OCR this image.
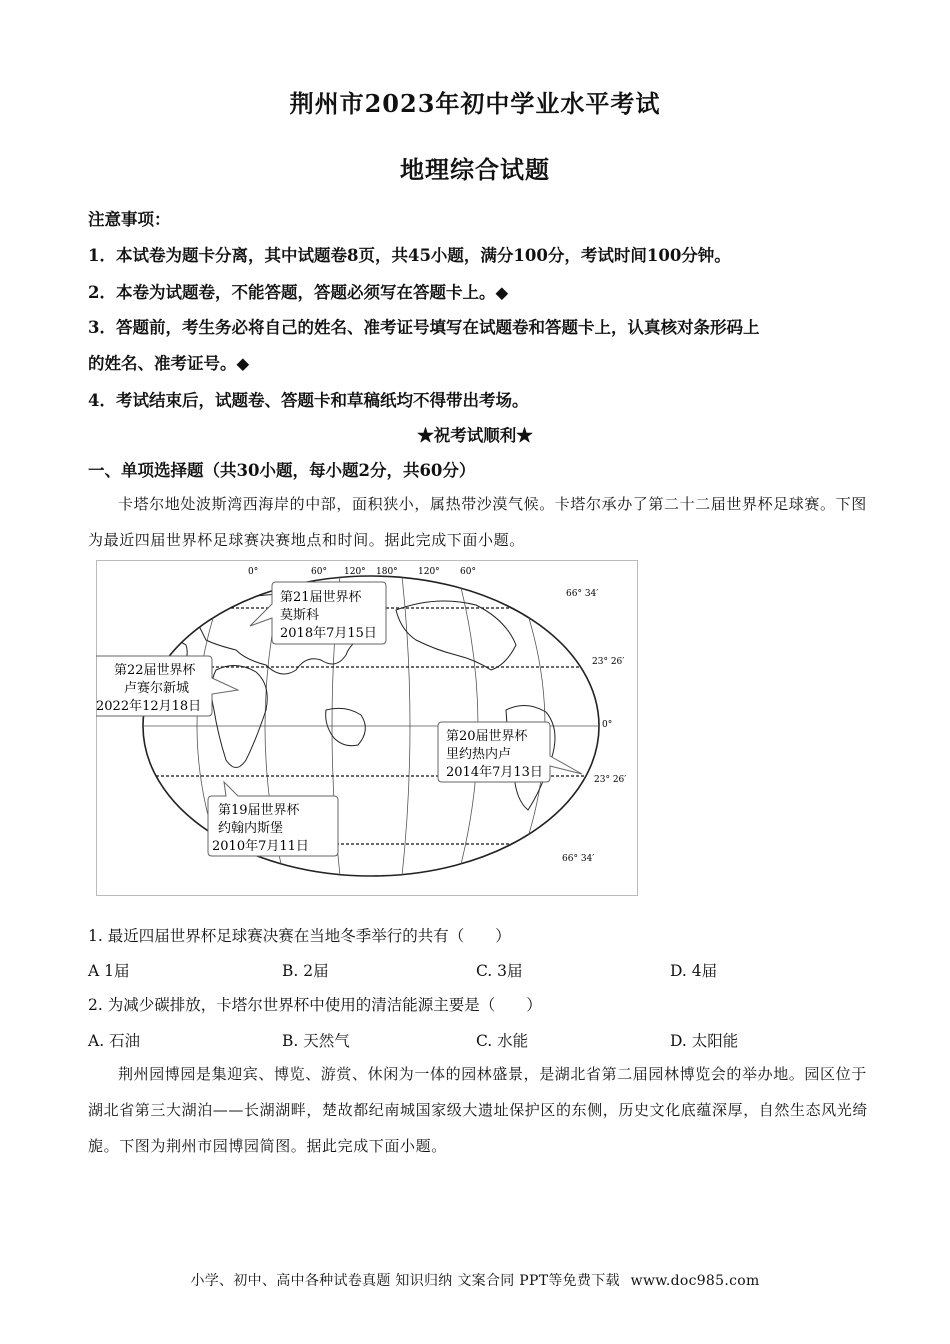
荆州市2023年初中学业水平考试
地理综合试题
注意事项：
1．本试卷为题卡分离，其中试题卷8页，共45小题，满分100分，考试时间100分钟。
2．本卷为试题卷，不能答题，答题必须写在答题卡上。◆
3．答题前，考生务必将自己的姓名、准考证号填写在试题卷和答题卡上，认真核对条形码上
的姓名、准考证号。◆
4．考试结束后，试题卷、答题卡和草稿纸均不得带出考场。
★祝考试顺利★
一、单项选择题（共30小题，每小题2分，共60分）
卡塔尔地处波斯湾西海岸的中部，面积狭小，属热带沙漠气候。卡塔尔承办了第二十二届世界杯足球赛。下图为最近四届世界杯足球赛决赛地点和时间。据此完成下面小题。
0°	60° 120° 180° 120° 60°
66° 34′
23° 26′
0°
23° 26′
66° 34′
第21届世界杯
莫斯科
2018年7月15日
第22届世界杯
卢赛尔新城
2022年12月18日
第20届世界杯
里约热内卢
2014年7月13日
第19届世界杯
约翰内斯堡
2010年7月11日
1. 最近四届世界杯足球赛决赛在当地冬季举行的共有（　　）
A 1届	B. 2届	C. 3届	D. 4届
2. 为减少碳排放，卡塔尔世界杯中使用的清洁能源主要是（　　）
A. 石油	B. 天然气	C. 水能	D. 太阳能
荆州园博园是集迎宾、博览、游赏、休闲为一体的园林盛景，是湖北省第二届园林博览会的举办地。园区位于湖北省第三大湖泊——长湖湖畔，楚故都纪南城国家级大遗址保护区的东侧，历史文化底蕴深厚，自然生态风光绮旎。下图为荆州市园博园简图。据此完成下面小题。
小学、初中、高中各种试卷真题 知识归纳 文案合同 PPT等免费下载 www.doc985.com
